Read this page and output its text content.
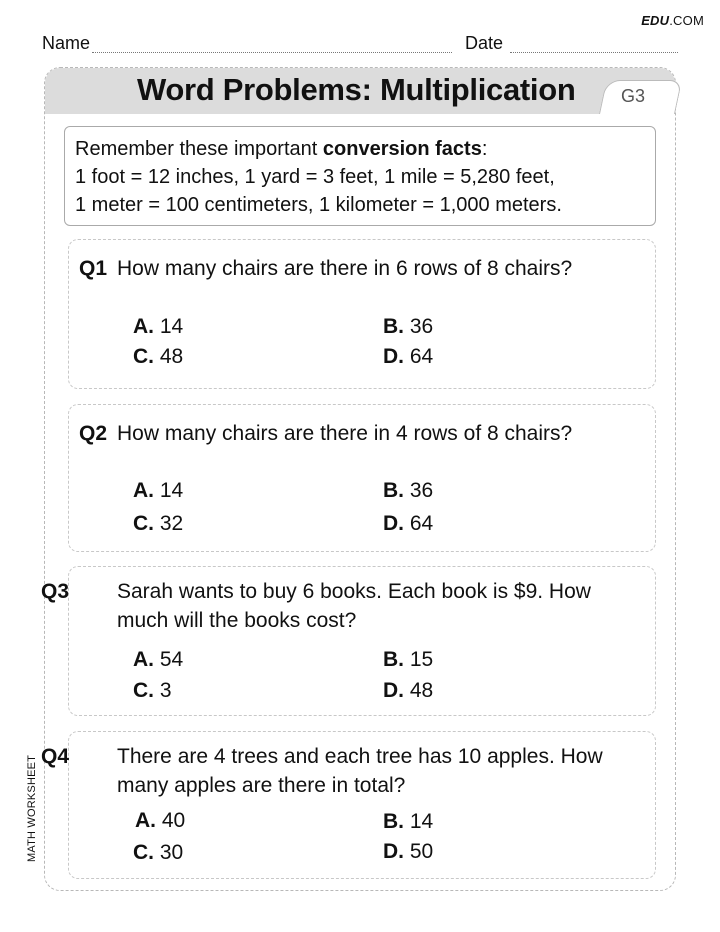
EDU.COM
Name	Date
Word Problems: Multiplication	G3
Remember these important conversion facts:
1 foot = 12 inches, 1 yard = 3 feet, 1 mile = 5,280 feet,
1 meter = 100 centimeters, 1 kilometer = 1,000 meters.
Q1 How many chairs are there in 6 rows of 8 chairs?
A. 14	B. 36
C. 48	D. 64
Q2 How many chairs are there in 4 rows of 8 chairs?
A. 14	B. 36
C. 32	D. 64
Q3 Sarah wants to buy 6 books. Each book is $9. How much will the books cost?
A. 54	B. 15
C. 3	D. 48
Q4 There are 4 trees and each tree has 10 apples. How many apples are there in total?
A. 40	B. 14
C. 30	D. 50
MATH WORKSHEET
